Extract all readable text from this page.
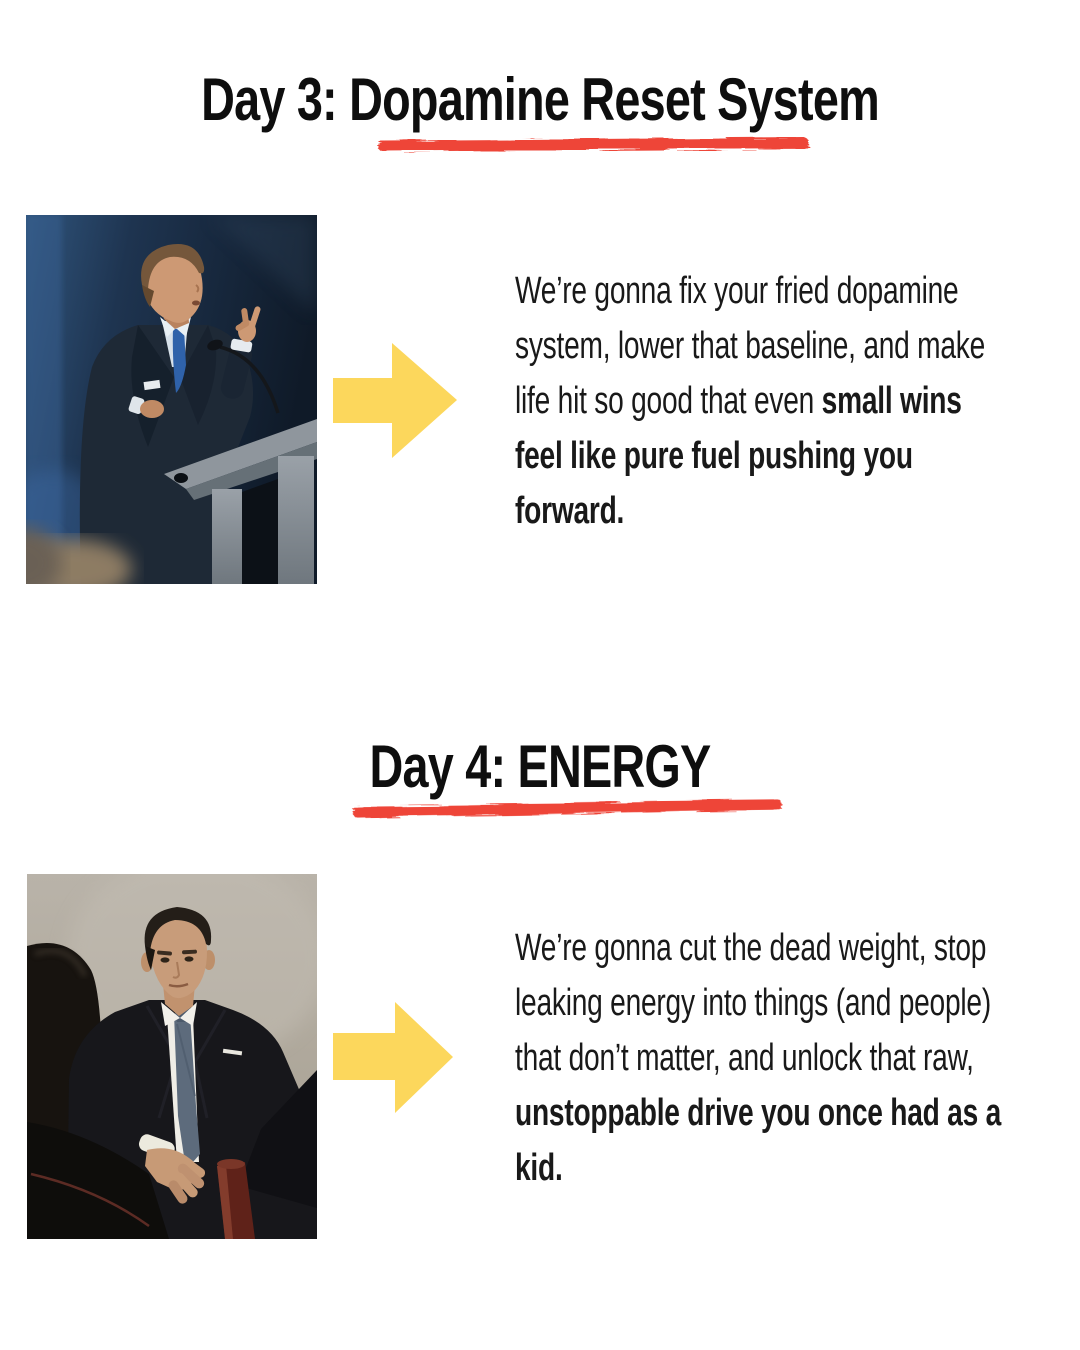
Day 3: Dopamine Reset System
We’re gonna fix your fried dopamine
system, lower that baseline, and make
life hit so good that even small wins
feel like pure fuel pushing you
forward.
Day 4: ENERGY
We’re gonna cut the dead weight, stop
leaking energy into things (and people)
that don’t matter, and unlock that raw,
unstoppable drive you once had as a
kid.
